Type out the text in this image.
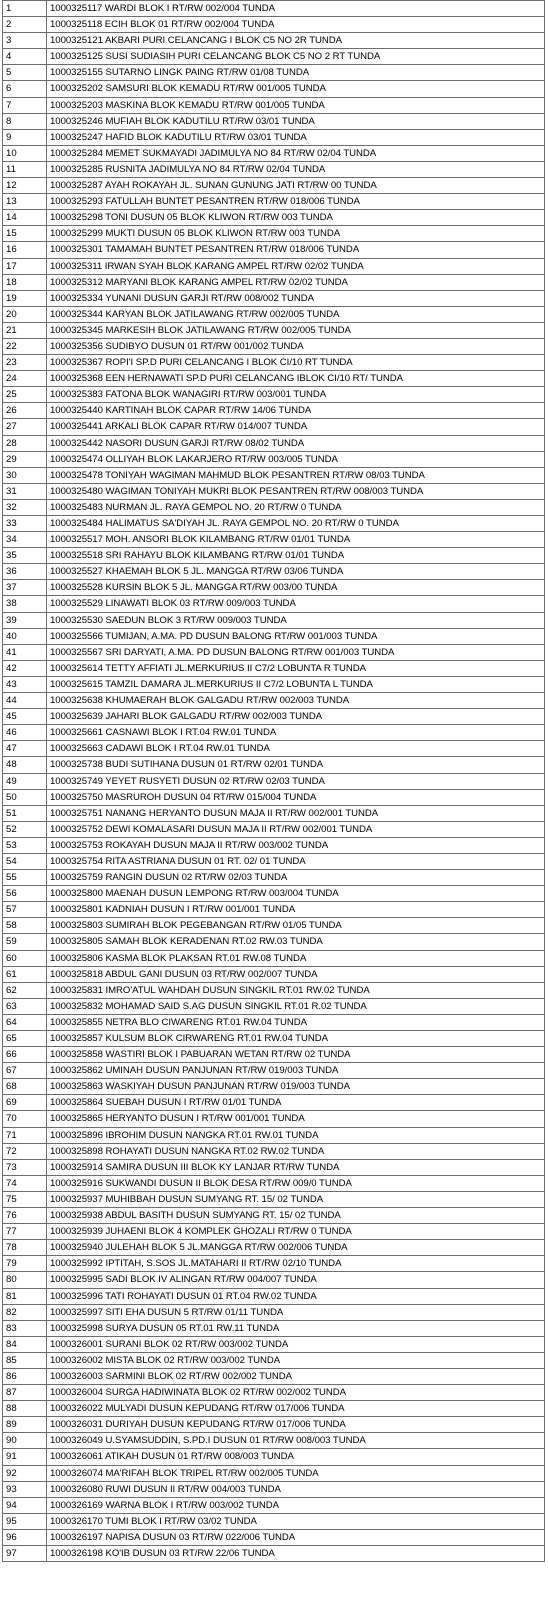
1	1000325117 WARDI BLOK I RT/RW 002/004 TUNDA
2	1000325118 ECIH BLOK 01 RT/RW 002/004 TUNDA
3	1000325121 AKBARI PURI CELANCANG I BLOK C5 NO 2R TUNDA
4	1000325125 SUSI SUDIASIH PURI CELANCANG BLOK C5 NO 2 RT TUNDA
5	1000325155 SUTARNO LINGK PAING RT/RW 01/08 TUNDA
6	1000325202 SAMSURI BLOK KEMADU RT/RW 001/005 TUNDA
7	1000325203 MASKINA BLOK KEMADU RT/RW 001/005 TUNDA
8	1000325246 MUFIAH BLOK KADUTILU RT/RW 03/01 TUNDA
9	1000325247 HAFID BLOK KADUTILU RT/RW 03/01 TUNDA
10	1000325284 MEMET SUKMAYADI JADIMULYA NO 84 RT/RW 02/04 TUNDA
11	1000325285 RUSNITA JADIMULYA NO 84 RT/RW 02/04 TUNDA
12	1000325287 AYAH ROKAYAH JL. SUNAN GUNUNG JATI RT/RW 00 TUNDA
13	1000325293 FATULLAH BUNTET PESANTREN RT/RW 018/006 TUNDA
14	1000325298 TONI DUSUN 05 BLOK KLIWON RT/RW 003 TUNDA
15	1000325299 MUKTI DUSUN 05 BLOK KLIWON RT/RW 003 TUNDA
16	1000325301 TAMAMAH BUNTET PESANTREN RT/RW 018/006 TUNDA
17	1000325311 IRWAN SYAH BLOK KARANG AMPEL RT/RW 02/02 TUNDA
18	1000325312 MARYANI BLOK KARANG AMPEL RT/RW 02/02 TUNDA
19	1000325334 YUNANI DUSUN GARJI RT/RW 008/002 TUNDA
20	1000325344 KARYAN BLOK JATILAWANG RT/RW 002/005 TUNDA
21	1000325345 MARKESIH BLOK JATILAWANG RT/RW 002/005 TUNDA
22	1000325356 SUDIBYO DUSUN 01 RT/RW 001/002 TUNDA
23	1000325367 ROPI'I SP.D PURI CELANCANG I BLOK CI/10 RT TUNDA
24	1000325368 EEN HERNAWATI SP.D PURI CELANCANG IBLOK CI/10 RT/ TUNDA
25	1000325383 FATONA BLOK WANAGIRI RT/RW 003/001 TUNDA
26	1000325440 KARTINAH BLOK CAPAR RT/RW 14/06 TUNDA
27	1000325441 ARKALI BLOK CAPAR RT/RW 014/007 TUNDA
28	1000325442 NASORI DUSUN GARJI RT/RW 08/02 TUNDA
29	1000325474 OLLIYAH BLOK LAKARJERO RT/RW 003/005 TUNDA
30	1000325478 TONIYAH WAGIMAN MAHMUD BLOK PESANTREN RT/RW 08/03 TUNDA
31	1000325480 WAGIMAN TONIYAH MUKRI BLOK PESANTREN RT/RW 008/003 TUNDA
32	1000325483 NURMAN JL. RAYA GEMPOL NO. 20 RT/RW 0 TUNDA
33	1000325484 HALIMATUS SA'DIYAH JL. RAYA GEMPOL NO. 20 RT/RW 0 TUNDA
34	1000325517 MOH. ANSORI BLOK KILAMBANG RT/RW 01/01 TUNDA
35	1000325518 SRI RAHAYU BLOK KILAMBANG RT/RW 01/01 TUNDA
36	1000325527 KHAEMAH BLOK 5 JL. MANGGA RT/RW 03/06 TUNDA
37	1000325528 KURSIN BLOK 5 JL. MANGGA RT/RW 003/00 TUNDA
38	1000325529 LINAWATI BLOK 03 RT/RW 009/003 TUNDA
39	1000325530 SAEDUN BLOK 3 RT/RW 009/003 TUNDA
40	1000325566 TUMIJAN, A.MA. PD DUSUN BALONG RT/RW 001/003 TUNDA
41	1000325567 SRI DARYATI, A.MA. PD DUSUN BALONG RT/RW 001/003 TUNDA
42	1000325614 TETTY AFFIATI JL.MERKURIUS II C7/2 LOBUNTA R TUNDA
43	1000325615 TAMZIL DAMARA JL.MERKURIUS II C7/2 LOBUNTA L TUNDA
44	1000325638 KHUMAERAH BLOK GALGADU RT/RW 002/003 TUNDA
45	1000325639 JAHARI BLOK GALGADU RT/RW 002/003 TUNDA
46	1000325661 CASNAWI BLOK I RT.04 RW.01 TUNDA
47	1000325663 CADAWI BLOK I RT.04 RW.01 TUNDA
48	1000325738 BUDI SUTIHANA DUSUN 01 RT/RW 02/01 TUNDA
49	1000325749 YEYET RUSYETI DUSUN 02 RT/RW 02/03 TUNDA
50	1000325750 MASRUROH DUSUN 04 RT/RW 015/004 TUNDA
51	1000325751 NANANG HERYANTO DUSUN MAJA II RT/RW 002/001 TUNDA
52	1000325752 DEWI KOMALASARI DUSUN MAJA II RT/RW 002/001 TUNDA
53	1000325753 ROKAYAH DUSUN MAJA II RT/RW 003/002 TUNDA
54	1000325754 RITA ASTRIANA DUSUN 01 RT. 02/ 01 TUNDA
55	1000325759 RANGIN DUSUN 02 RT/RW 02/03 TUNDA
56	1000325800 MAENAH DUSUN LEMPONG RT/RW 003/004 TUNDA
57	1000325801 KADNIAH DUSUN I RT/RW 001/001 TUNDA
58	1000325803 SUMIRAH BLOK PEGEBANGAN RT/RW 01/05 TUNDA
59	1000325805 SAMAH BLOK KERADENAN RT.02 RW.03 TUNDA
60	1000325806 KASMA BLOK PLAKSAN RT.01 RW.08 TUNDA
61	1000325818 ABDUL GANI DUSUN 03 RT/RW 002/007 TUNDA
62	1000325831 IMRO'ATUL WAHDAH DUSUN SINGKIL RT.01 RW.02 TUNDA
63	1000325832 MOHAMAD SAID S.AG DUSUN SINGKIL RT.01 R.02 TUNDA
64	1000325855 NETRA BLO CIWARENG RT.01 RW.04 TUNDA
65	1000325857 KULSUM BLOK CIRWARENG RT.01 RW.04 TUNDA
66	1000325858 WASTIRI BLOK I PABUARAN WETAN RT/RW 02 TUNDA
67	1000325862 UMINAH DUSUN PANJUNAN RT/RW 019/003 TUNDA
68	1000325863 WASKIYAH DUSUN PANJUNAN RT/RW 019/003 TUNDA
69	1000325864 SUEBAH DUSUN I RT/RW 01/01 TUNDA
70	1000325865 HERYANTO DUSUN I RT/RW 001/001 TUNDA
71	1000325896 IBROHIM DUSUN NANGKA RT.01 RW.01 TUNDA
72	1000325898 ROHAYATI DUSUN NANGKA RT.02 RW.02 TUNDA
73	1000325914 SAMIRA DUSUN III BLOK KY LANJAR RT/RW TUNDA
74	1000325916 SUKWANDI DUSUN II BLOK DESA RT/RW 009/0 TUNDA
75	1000325937 MUHIBBAH DUSUN SUMYANG RT. 15/ 02 TUNDA
76	1000325938 ABDUL BASITH DUSUN SUMYANG RT. 15/ 02 TUNDA
77	1000325939 JUHAENI BLOK 4 KOMPLEK GHOZALI RT/RW 0 TUNDA
78	1000325940 JULEHAH BLOK 5 JL.MANGGA RT/RW 002/006 TUNDA
79	1000325992 IPTITAH, S.SOS JL.MATAHARI II RT/RW 02/10 TUNDA
80	1000325995 SADI BLOK IV ALINGAN RT/RW 004/007 TUNDA
81	1000325996 TATI ROHAYATI DUSUN 01 RT.04 RW.02 TUNDA
82	1000325997 SITI EHA DUSUN 5 RT/RW 01/11 TUNDA
83	1000325998 SURYA DUSUN 05 RT.01 RW.11 TUNDA
84	1000326001 SURANI BLOK 02 RT/RW 003/002 TUNDA
85	1000326002 MISTA BLOK 02 RT/RW 003/002 TUNDA
86	1000326003 SARMINI BLOK 02 RT/RW 002/002 TUNDA
87	1000326004 SURGA HADIWINATA BLOK 02 RT/RW 002/002 TUNDA
88	1000326022 MULYADI DUSUN KEPUDANG RT/RW 017/006 TUNDA
89	1000326031 DURIYAH DUSUN KEPUDANG RT/RW 017/006 TUNDA
90	1000326049 U.SYAMSUDDIN, S.PD.I DUSUN 01 RT/RW 008/003 TUNDA
91	1000326061 ATIKAH DUSUN 01 RT/RW 008/003 TUNDA
92	1000326074 MA'RIFAH BLOK TRIPEL RT/RW 002/005 TUNDA
93	1000326080 RUWI DUSUN II RT/RW 004/003 TUNDA
94	1000326169 WARNA BLOK I RT/RW 003/002 TUNDA
95	1000326170 TUMI BLOK I RT/RW 03/02 TUNDA
96	1000326197 NAPISA DUSUN 03 RT/RW 022/006 TUNDA
97	1000326198 KO'IB DUSUN 03 RT/RW 22/06 TUNDA
